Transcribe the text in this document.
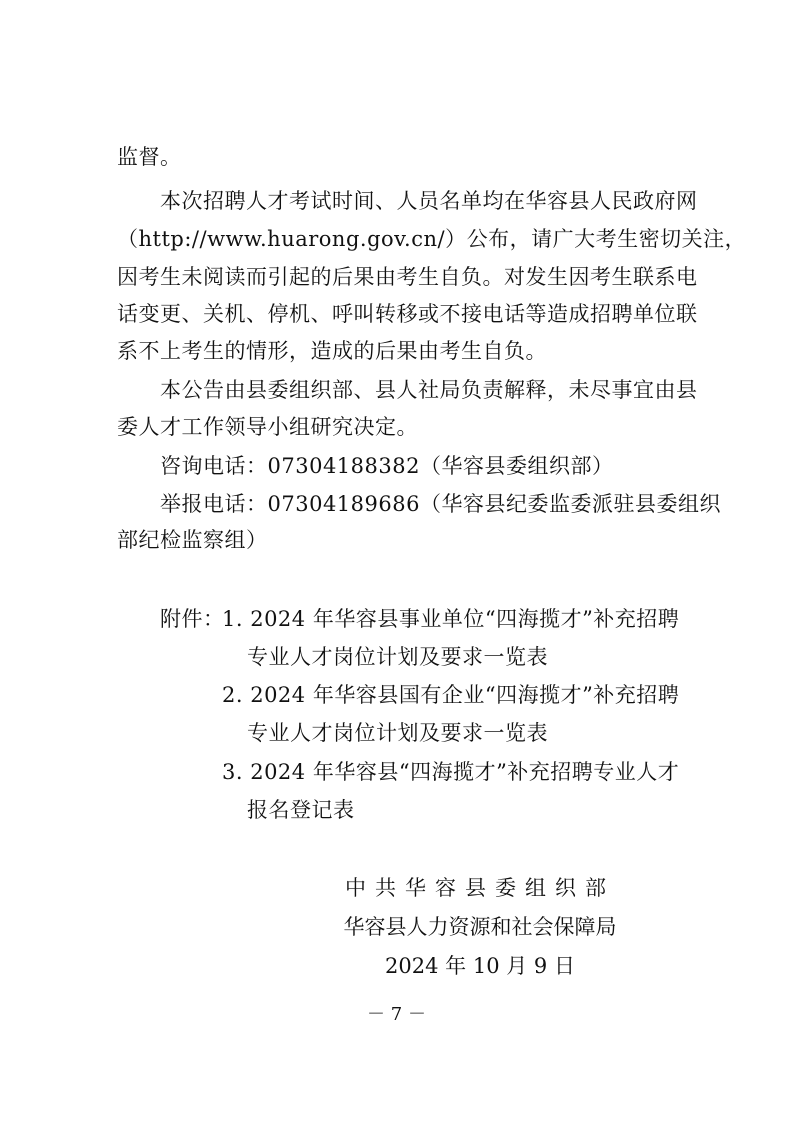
监督。
本次招聘人才考试时间、人员名单均在华容县人民政府网
（http://www.huarong.gov.cn/）公布，请广大考生密切关注，
因考生未阅读而引起的后果由考生自负。对发生因考生联系电
话变更、关机、停机、呼叫转移或不接电话等造成招聘单位联
系不上考生的情形，造成的后果由考生自负。
本公告由县委组织部、县人社局负责解释，未尽事宜由县
委人才工作领导小组研究决定。
咨询电话：07304188382（华容县委组织部）
举报电话：07304189686（华容县纪委监委派驻县委组织
部纪检监察组）
附件：
1. 2024 年华容县事业单位“四海揽才”补充招聘
专业人才岗位计划及要求一览表
2. 2024 年华容县国有企业“四海揽才”补充招聘
专业人才岗位计划及要求一览表
3. 2024 年华容县“四海揽才”补充招聘专业人才
报名登记表
中共华容县委组织部
华容县人力资源和社会保障局
2024 年 10 月 9 日
－ 7 －
